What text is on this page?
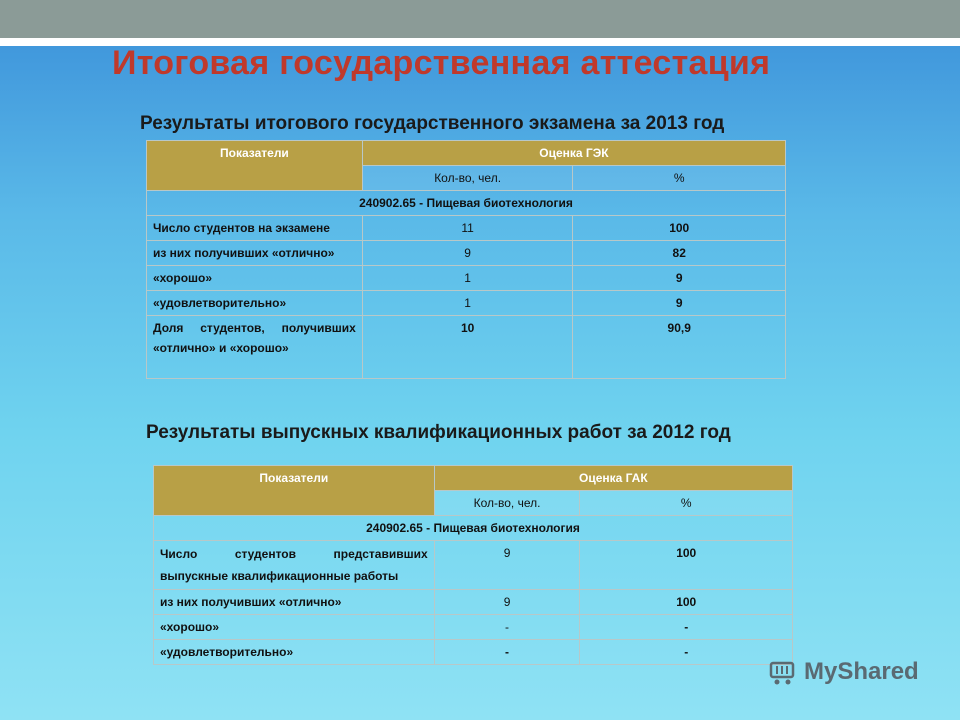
Итоговая государственная аттестация
Результаты итогового государственного экзамена за 2013 год
Показатели	Оценка ГЭК	
	Кол-во, чел.	%
240902.65 - Пищевая биотехнология		
Число студентов на экзамене	11	100
из них получивших «отлично»	9	82
«хорошо»	1	9
«удовлетворительно»	1	9
Доля студентов, получивших «отлично» и «хорошо»	10	90,9
Результаты выпускных квалификационных работ за 2012 год
Показатели	Оценка ГАК	
	Кол-во, чел.	%
240902.65 - Пищевая биотехнология		
Число студентов представивших выпускные квалификационные работы	9	100
из них получивших «отлично»	9	100
«хорошо»	-	-
«удовлетворительно»	-	-
MyShared
